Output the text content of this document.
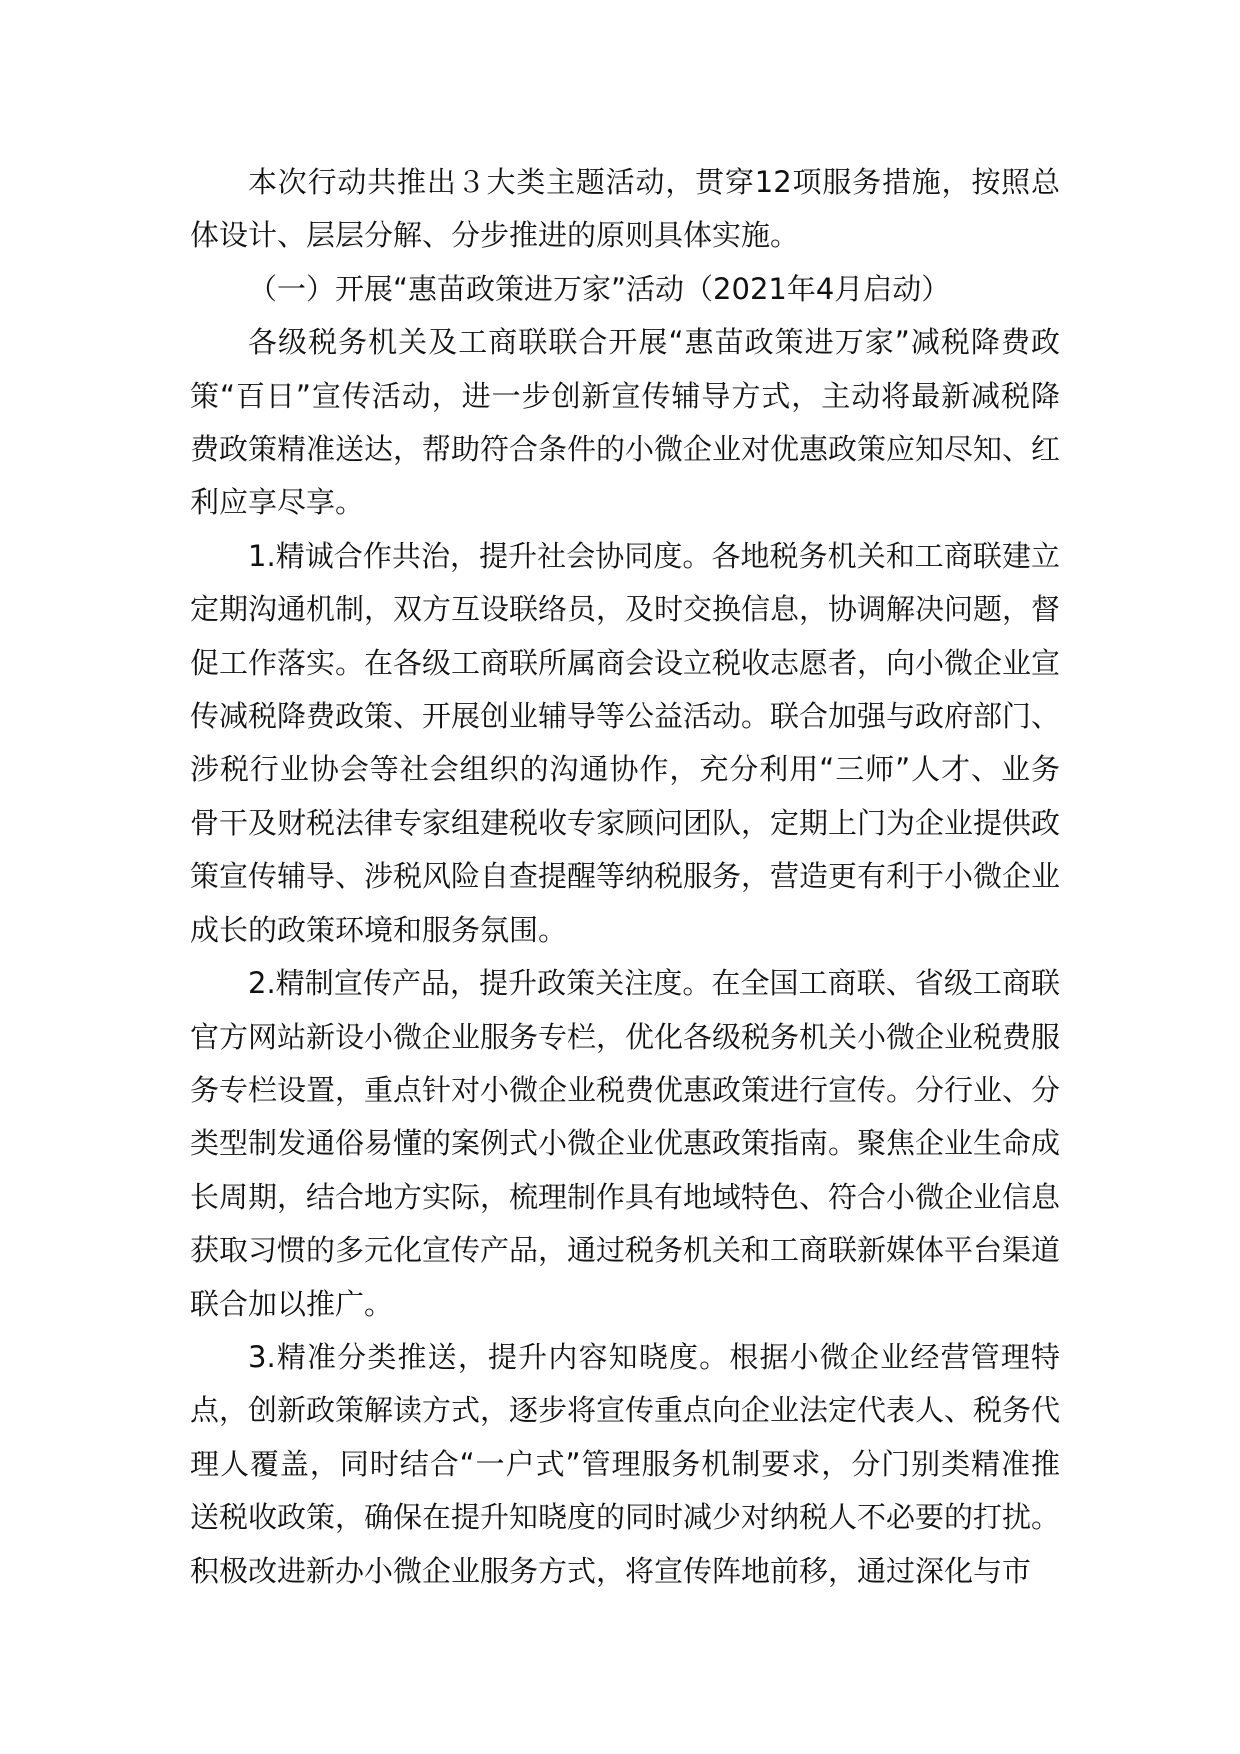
本次行动共推出３大类主题活动，贯穿12项服务措施，按照总体设计、层层分解、分步推进的原则具体实施。

（一）开展“惠苗政策进万家”活动（2021年4月启动）

各级税务机关及工商联联合开展“惠苗政策进万家”减税降费政策“百日”宣传活动，进一步创新宣传辅导方式，主动将最新减税降费政策精准送达，帮助符合条件的小微企业对优惠政策应知尽知、红利应享尽享。

1.精诚合作共治，提升社会协同度。各地税务机关和工商联建立定期沟通机制，双方互设联络员，及时交换信息，协调解决问题，督促工作落实。在各级工商联所属商会设立税收志愿者，向小微企业宣传减税降费政策、开展创业辅导等公益活动。联合加强与政府部门、涉税行业协会等社会组织的沟通协作，充分利用“三师”人才、业务骨干及财税法律专家组建税收专家顾问团队，定期上门为企业提供政策宣传辅导、涉税风险自查提醒等纳税服务，营造更有利于小微企业成长的政策环境和服务氛围。

2.精制宣传产品，提升政策关注度。在全国工商联、省级工商联官方网站新设小微企业服务专栏，优化各级税务机关小微企业税费服务专栏设置，重点针对小微企业税费优惠政策进行宣传。分行业、分类型制发通俗易懂的案例式小微企业优惠政策指南。聚焦企业生命成长周期，结合地方实际，梳理制作具有地域特色、符合小微企业信息获取习惯的多元化宣传产品，通过税务机关和工商联新媒体平台渠道联合加以推广。

3.精准分类推送，提升内容知晓度。根据小微企业经营管理特点，创新政策解读方式，逐步将宣传重点向企业法定代表人、税务代理人覆盖，同时结合“一户式”管理服务机制要求，分门别类精准推送税收政策，确保在提升知晓度的同时减少对纳税人不必要的打扰。积极改进新办小微企业服务方式，将宣传阵地前移，通过深化与市
